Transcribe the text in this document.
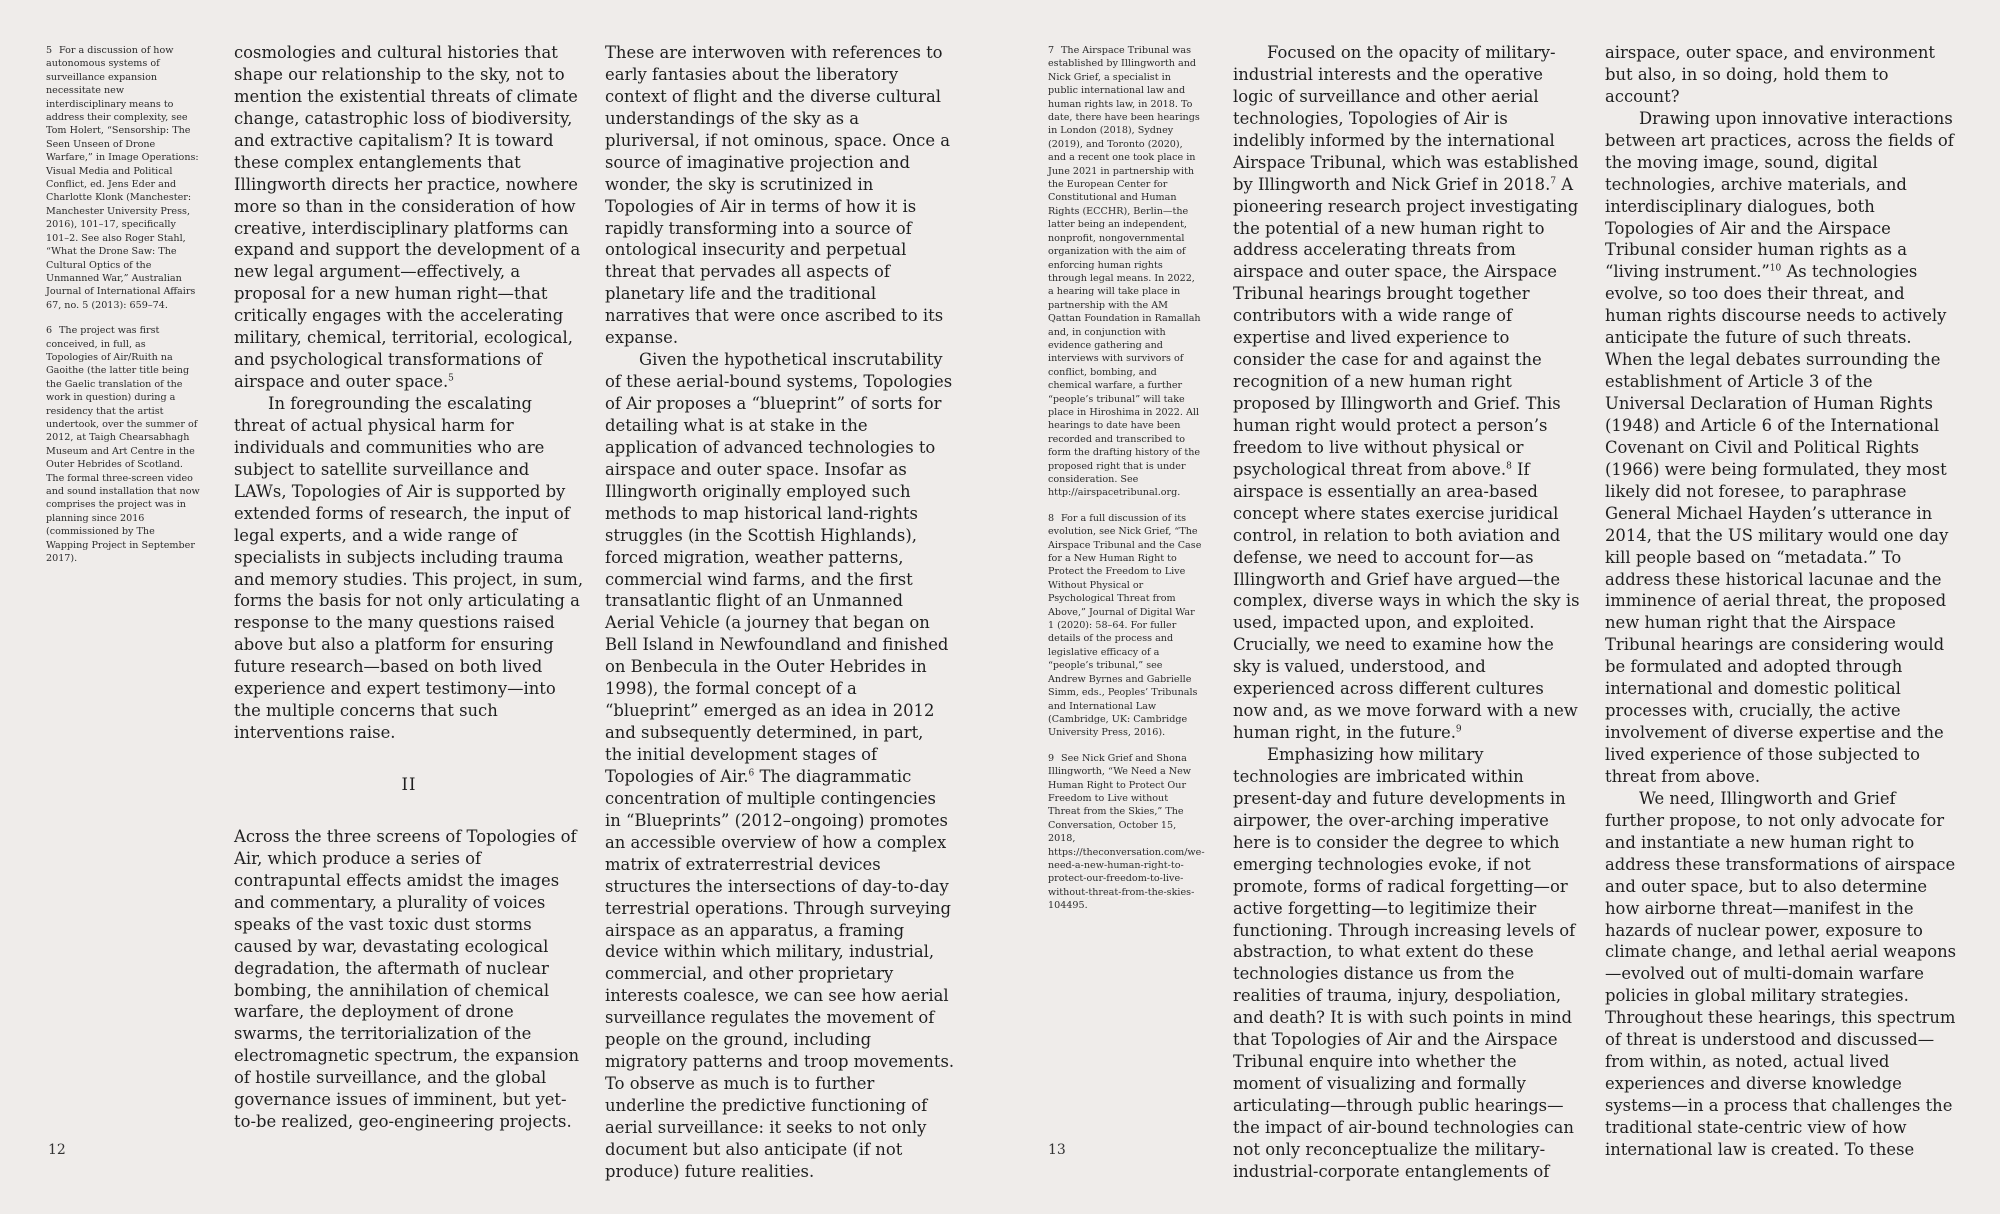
5 For a discussion of how autonomous systems of surveillance expansion necessitate new interdisciplinary means to address their complexity, see Tom Holert, “Sensorship: The Seen Unseen of Drone Warfare,” in Image Operations: Visual Media and Political Conflict, ed. Jens Eder and Charlotte Klonk (Manchester: Manchester University Press, 2016), 101–17, specifically 101–2. See also Roger Stahl, “What the Drone Saw: The Cultural Optics of the Unmanned War,” Australian Journal of International Affairs 67, no. 5 (2013): 659–74.

6 The project was first conceived, in full, as Topologies of Air/Ruith na Gaoithe (the latter title being the Gaelic translation of the work in question) during a residency that the artist undertook, over the summer of 2012, at Taigh Chearsabhagh Museum and Art Centre in the Outer Hebrides of Scotland. The formal three-screen video and sound installation that now comprises the project was in planning since 2016 (commissioned by The Wapping Project in September 2017).

cosmologies and cultural histories that shape our relationship to the sky, not to mention the existential threats of climate change, catastrophic loss of biodiversity, and extractive capitalism? It is toward these complex entanglements that Illingworth directs her practice, nowhere more so than in the consideration of how creative, interdisciplinary platforms can expand and support the development of a new legal argument—effectively, a proposal for a new human right—that critically engages with the accelerating military, chemical, territorial, ecological, and psychological transformations of airspace and outer space.$^5$

In foregrounding the escalating threat of actual physical harm for individuals and communities who are subject to satellite surveillance and LAWs, Topologies of Air is supported by extended forms of research, the input of legal experts, and a wide range of specialists in subjects including trauma and memory studies. This project, in sum, forms the basis for not only articulating a response to the many questions raised above but also a platform for ensuring future research—based on both lived experience and expert testimony—into the multiple concerns that such interventions raise.

II

Across the three screens of Topologies of Air, which produce a series of contrapuntal effects amidst the images and commentary, a plurality of voices speaks of the vast toxic dust storms caused by war, devastating ecological degradation, the aftermath of nuclear bombing, the annihilation of chemical warfare, the deployment of drone swarms, the territorialization of the electromagnetic spectrum, the expansion of hostile surveillance, and the global governance issues of imminent, but yet-to-be realized, geo-engineering projects.

These are interwoven with references to early fantasies about the liberatory context of flight and the diverse cultural understandings of the sky as a pluriversal, if not ominous, space. Once a source of imaginative projection and wonder, the sky is scrutinized in Topologies of Air in terms of how it is rapidly transforming into a source of ontological insecurity and perpetual threat that pervades all aspects of planetary life and the traditional narratives that were once ascribed to its expanse.

Given the hypothetical inscrutability of these aerial-bound systems, Topologies of Air proposes a “blueprint” of sorts for detailing what is at stake in the application of advanced technologies to airspace and outer space. Insofar as Illingworth originally employed such methods to map historical land-rights struggles (in the Scottish Highlands), forced migration, weather patterns, commercial wind farms, and the first transatlantic flight of an Unmanned Aerial Vehicle (a journey that began on Bell Island in Newfoundland and finished on Benbecula in the Outer Hebrides in 1998), the formal concept of a “blueprint” emerged as an idea in 2012 and subsequently determined, in part, the initial development stages of Topologies of Air.$^6$ The diagrammatic concentration of multiple contingencies in “Blueprints” (2012–ongoing) promotes an accessible overview of how a complex matrix of extraterrestrial devices structures the intersections of day-to-day terrestrial operations. Through surveying airspace as an apparatus, a framing device within which military, industrial, commercial, and other proprietary interests coalesce, we can see how aerial surveillance regulates the movement of people on the ground, including migratory patterns and troop movements. To observe as much is to further underline the predictive functioning of aerial surveillance: it seeks to not only document but also anticipate (if not produce) future realities.

12

7 The Airspace Tribunal was established by Illingworth and Nick Grief, a specialist in public international law and human rights law, in 2018. To date, there have been hearings in London (2018), Sydney (2019), and Toronto (2020), and a recent one took place in June 2021 in partnership with the European Center for Constitutional and Human Rights (ECCHR), Berlin—the latter being an independent, nonprofit, nongovernmental organization with the aim of enforcing human rights through legal means. In 2022, a hearing will take place in partnership with the AM Qattan Foundation in Ramallah and, in conjunction with evidence gathering and interviews with survivors of conflict, bombing, and chemical warfare, a further “people’s tribunal” will take place in Hiroshima in 2022. All hearings to date have been recorded and transcribed to form the drafting history of the proposed right that is under consideration. See http://airspacetribunal.org.

8 For a full discussion of its evolution, see Nick Grief, “The Airspace Tribunal and the Case for a New Human Right to Protect the Freedom to Live Without Physical or Psychological Threat from Above,” Journal of Digital War 1 (2020): 58–64. For fuller details of the process and legislative efficacy of a “people’s tribunal,” see Andrew Byrnes and Gabrielle Simm, eds., Peoples’ Tribunals and International Law (Cambridge, UK: Cambridge University Press, 2016).

9 See Nick Grief and Shona Illingworth, “We Need a New Human Right to Protect Our Freedom to Live without Threat from the Skies,” The Conversation, October 15, 2018, https://theconversation.com/we-need-a-new-human-right-to-protect-our-freedom-to-live-without-threat-from-the-skies-104495.

Focused on the opacity of military-industrial interests and the operative logic of surveillance and other aerial technologies, Topologies of Air is indelibly informed by the international Airspace Tribunal, which was established by Illingworth and Nick Grief in 2018.$^7$ A pioneering research project investigating the potential of a new human right to address accelerating threats from airspace and outer space, the Airspace Tribunal hearings brought together contributors with a wide range of expertise and lived experience to consider the case for and against the recognition of a new human right proposed by Illingworth and Grief. This human right would protect a person’s freedom to live without physical or psychological threat from above.$^8$ If airspace is essentially an area-based concept where states exercise juridical control, in relation to both aviation and defense, we need to account for—as Illingworth and Grief have argued—the complex, diverse ways in which the sky is used, impacted upon, and exploited. Crucially, we need to examine how the sky is valued, understood, and experienced across different cultures now and, as we move forward with a new human right, in the future.$^9$

Emphasizing how military technologies are imbricated within present-day and future developments in airpower, the over-arching imperative here is to consider the degree to which emerging technologies evoke, if not promote, forms of radical forgetting—or active forgetting—to legitimize their functioning. Through increasing levels of abstraction, to what extent do these technologies distance us from the realities of trauma, injury, despoliation, and death? It is with such points in mind that Topologies of Air and the Airspace Tribunal enquire into whether the moment of visualizing and formally articulating—through public hearings—the impact of air-bound technologies can not only reconceptualize the military-industrial-corporate entanglements of

airspace, outer space, and environment but also, in so doing, hold them to account?

Drawing upon innovative interactions between art practices, across the fields of the moving image, sound, digital technologies, archive materials, and interdisciplinary dialogues, both Topologies of Air and the Airspace Tribunal consider human rights as a “living instrument.”$^{10}$ As technologies evolve, so too does their threat, and human rights discourse needs to actively anticipate the future of such threats. When the legal debates surrounding the establishment of Article 3 of the Universal Declaration of Human Rights (1948) and Article 6 of the International Covenant on Civil and Political Rights (1966) were being formulated, they most likely did not foresee, to paraphrase General Michael Hayden’s utterance in 2014, that the US military would one day kill people based on “metadata.” To address these historical lacunae and the imminence of aerial threat, the proposed new human right that the Airspace Tribunal hearings are considering would be formulated and adopted through international and domestic political processes with, crucially, the active involvement of diverse expertise and the lived experience of those subjected to threat from above.

We need, Illingworth and Grief further propose, to not only advocate for and instantiate a new human right to address these transformations of airspace and outer space, but to also determine how airborne threat—manifest in the hazards of nuclear power, exposure to climate change, and lethal aerial weapons—evolved out of multi-domain warfare policies in global military strategies. Throughout these hearings, this spectrum of threat is understood and discussed—from within, as noted, actual lived experiences and diverse knowledge systems—in a process that challenges the traditional state-centric view of how international law is created. To these

13
